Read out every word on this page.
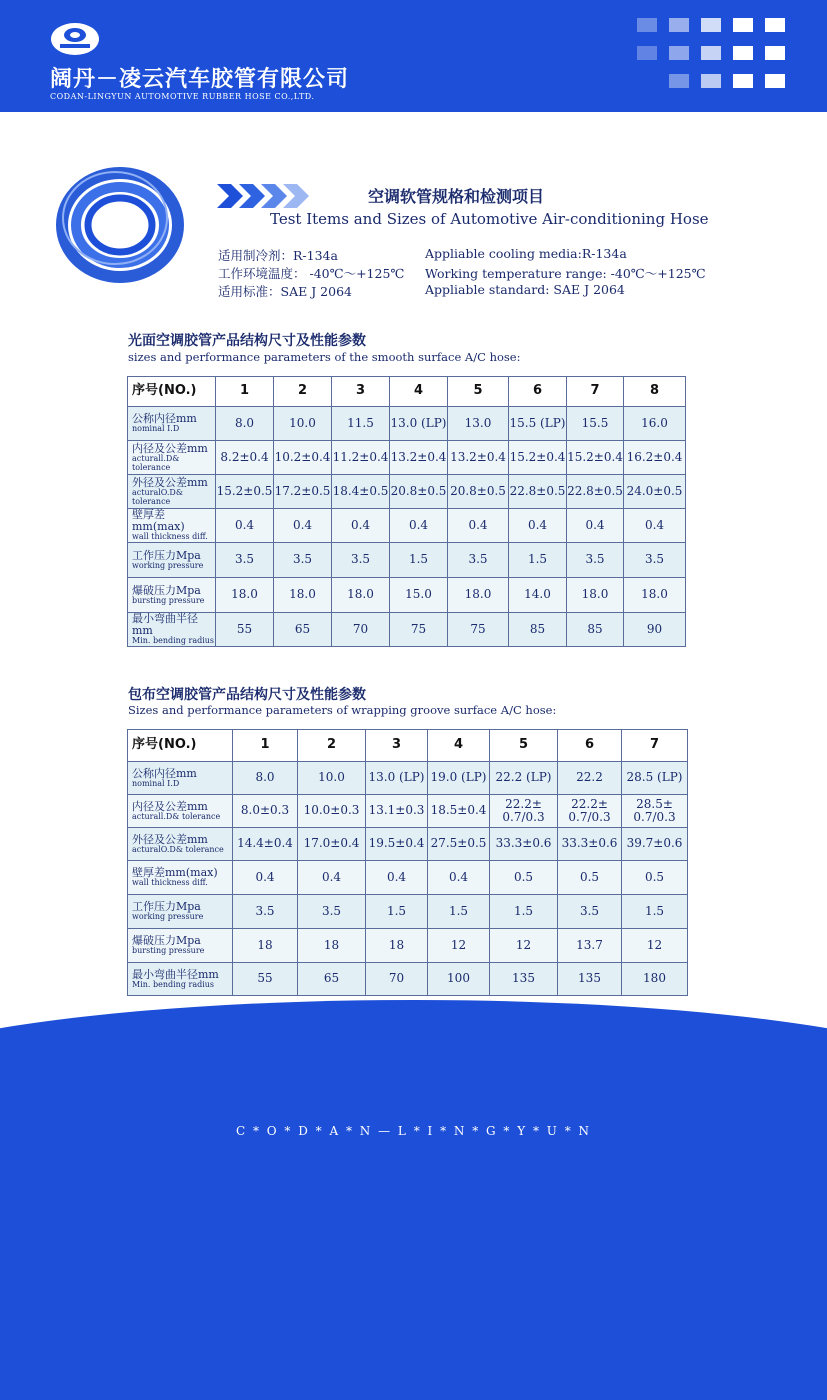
阔丹－凌云汽车胶管有限公司
CODAN-LINGYUN AUTOMOTIVE RUBBER HOSE CO.,LTD.
空调软管规格和检测项目
Test Items and Sizes of Automotive Air-conditioning Hose
适用制冷剂：R-134a
工作环境温度： -40℃～+125℃
适用标准：SAE J 2064
Appliable cooling media:R-134a
Working temperature range: -40℃～+125℃
Appliable standard: SAE J 2064
光面空调胶管产品结构尺寸及性能参数
sizes and performance parameters of the smooth surface A/C hose:
序号(NO.)	1	2	3	4	5	6	7	8

公称内径mm
nominal I.D	8.0	10.0	11.5	13.0 (LP)	13.0	15.5 (LP)	15.5	16.0

内径及公差mm
acturall.D& tolerance	8.2±0.4	10.2±0.4	11.2±0.4	13.2±0.4	13.2±0.4	15.2±0.4	15.2±0.4	16.2±0.4

外径及公差mm
acturalO.D& tolerance	15.2±0.5	17.2±0.5	18.4±0.5	20.8±0.5	20.8±0.5	22.8±0.5	22.8±0.5	24.0±0.5

壁厚差mm(max)
wall thickness diff.	0.4	0.4	0.4	0.4	0.4	0.4	0.4	0.4

工作压力Mpa
working pressure	3.5	3.5	3.5	1.5	3.5	1.5	3.5	3.5

爆破压力Mpa
bursting pressure	18.0	18.0	18.0	15.0	18.0	14.0	18.0	18.0

最小弯曲半径mm
Min. bending radius	55	65	70	75	75	85	85	90
包布空调胶管产品结构尺寸及性能参数
Sizes and performance parameters of wrapping groove surface A/C hose:
序号(NO.)	1	2	3	4	5	6	7

公称内径mm
nominal I.D	8.0	10.0	13.0 (LP)	19.0 (LP)	22.2 (LP)	22.2	28.5 (LP)

内径及公差mm
acturall.D& tolerance	8.0±0.3	10.0±0.3	13.1±0.3	18.5±0.4	22.2± 0.7/0.3	22.2± 0.7/0.3	28.5± 0.7/0.3

外径及公差mm
acturalO.D& tolerance	14.4±0.4	17.0±0.4	19.5±0.4	27.5±0.5	33.3±0.6	33.3±0.6	39.7±0.6

壁厚差mm(max)
wall thickness diff.	0.4	0.4	0.4	0.4	0.5	0.5	0.5

工作压力Mpa
working pressure	3.5	3.5	1.5	1.5	1.5	3.5	1.5

爆破压力Mpa
bursting pressure	18	18	18	12	12	13.7	12

最小弯曲半径mm
Min. bending radius	55	65	70	100	135	135	180
C * O * D * A * N — L * I * N * G * Y * U * N
